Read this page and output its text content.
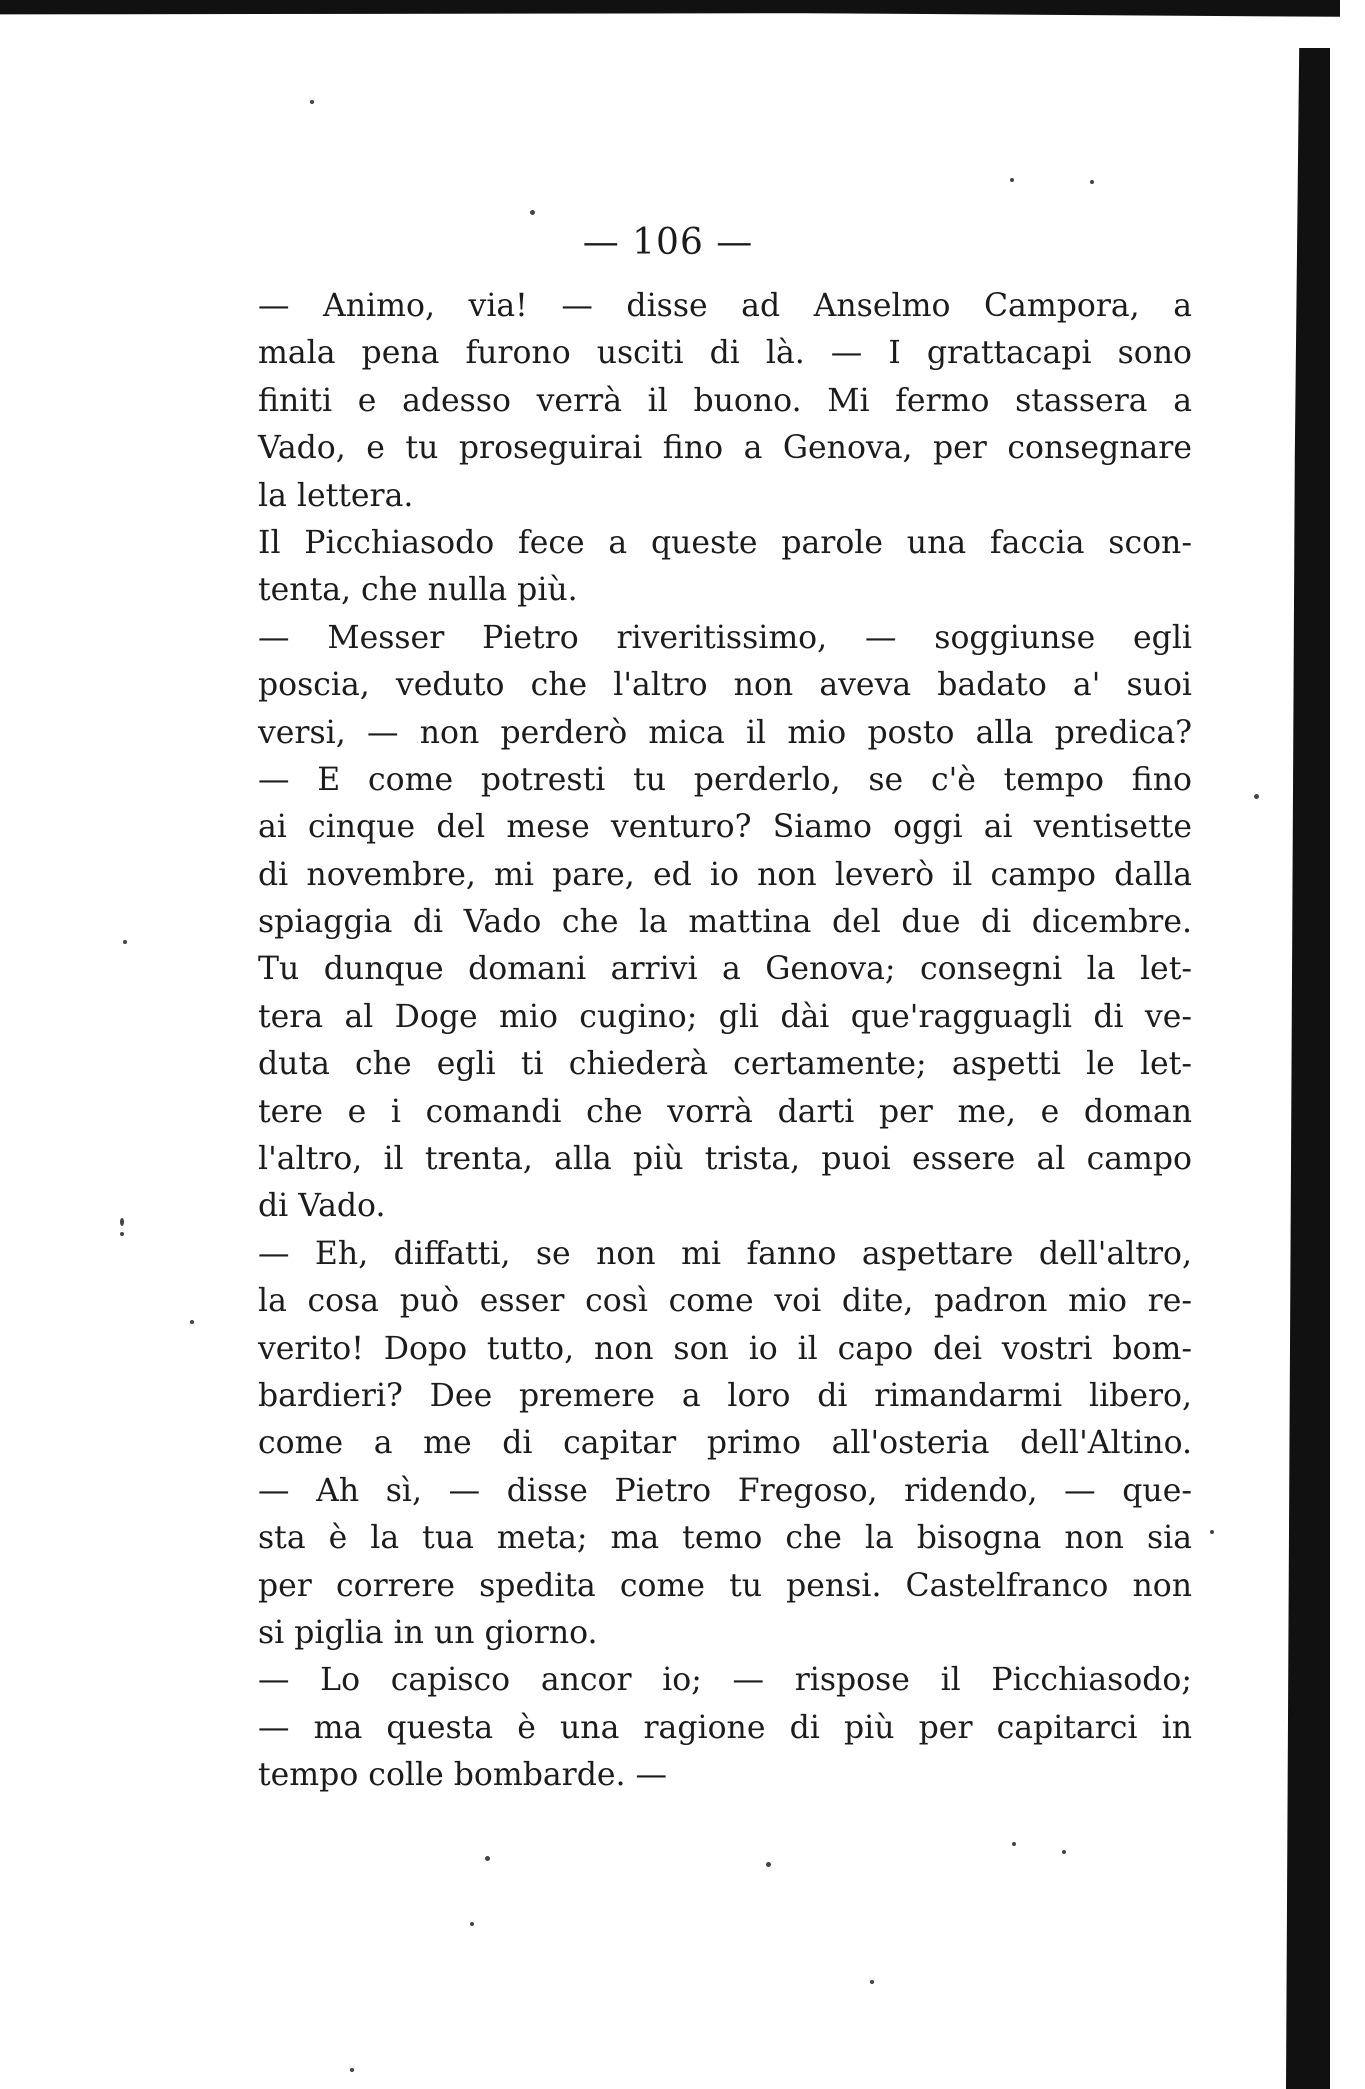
— 106 —
— Animo, via! — disse ad Anselmo Campora, a
mala pena furono usciti di là. — I grattacapi sono
finiti e adesso verrà il buono. Mi fermo stassera a
Vado, e tu proseguirai fino a Genova, per consegnare
la lettera.
Il Picchiasodo fece a queste parole una faccia scon-
tenta, che nulla più.
— Messer Pietro riveritissimo, — soggiunse egli
poscia, veduto che l'altro non aveva badato a' suoi
versi, — non perderò mica il mio posto alla predica?
— E come potresti tu perderlo, se c'è tempo fino
ai cinque del mese venturo? Siamo oggi ai ventisette
di novembre, mi pare, ed io non leverò il campo dalla
spiaggia di Vado che la mattina del due di dicembre.
Tu dunque domani arrivi a Genova; consegni la let-
tera al Doge mio cugino; gli dài que'ragguagli di ve-
duta che egli ti chiederà certamente; aspetti le let-
tere e i comandi che vorrà darti per me, e doman
l'altro, il trenta, alla più trista, puoi essere al campo
di Vado.
— Eh, diffatti, se non mi fanno aspettare dell'altro,
la cosa può esser così come voi dite, padron mio re-
verito! Dopo tutto, non son io il capo dei vostri bom-
bardieri? Dee premere a loro di rimandarmi libero,
come a me di capitar primo all'osteria dell'Altino.
— Ah sì, — disse Pietro Fregoso, ridendo, — que-
sta è la tua meta; ma temo che la bisogna non sia
per correre spedita come tu pensi. Castelfranco non
si piglia in un giorno.
— Lo capisco ancor io; — rispose il Picchiasodo;
— ma questa è una ragione di più per capitarci in
tempo colle bombarde. —
